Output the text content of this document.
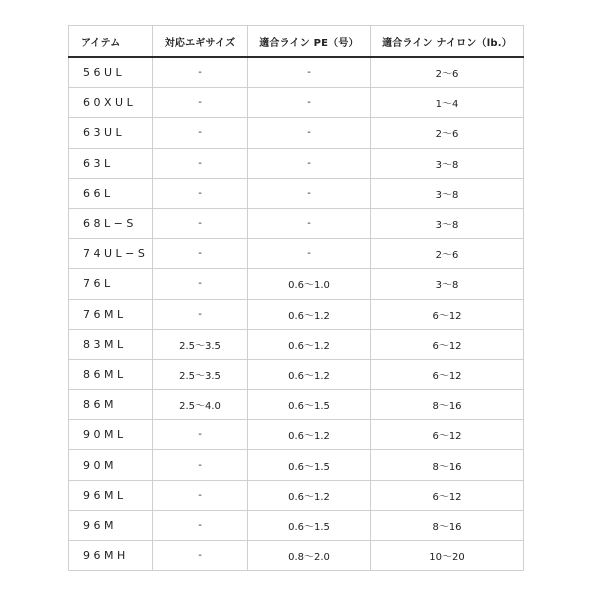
アイテム	対応エギサイズ	適合ライン PE（号）	適合ライン ナイロン（lb.）
56UL	-	-	2〜6
60XUL	-	-	1〜4
63UL	-	-	2〜6
63L	-	-	3〜8
66L	-	-	3〜8
68L−S	-	-	3〜8
74UL−S	-	-	2〜6
76L	-	0.6〜1.0	3〜8
76ML	-	0.6〜1.2	6〜12
83ML	2.5〜3.5	0.6〜1.2	6〜12
86ML	2.5〜3.5	0.6〜1.2	6〜12
86M	2.5〜4.0	0.6〜1.5	8〜16
90ML	-	0.6〜1.2	6〜12
90M	-	0.6〜1.5	8〜16
96ML	-	0.6〜1.2	6〜12
96M	-	0.6〜1.5	8〜16
96MH	-	0.8〜2.0	10〜20
